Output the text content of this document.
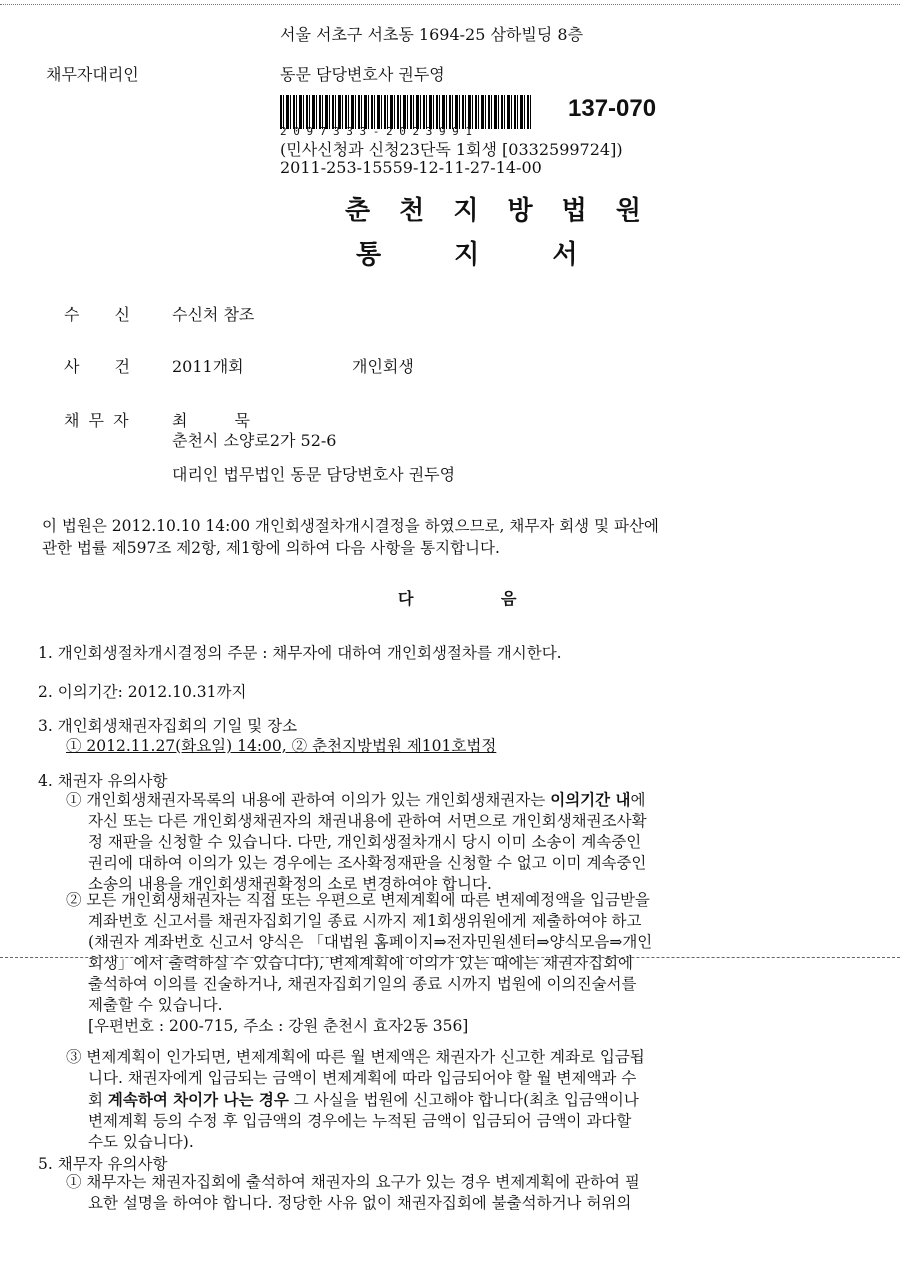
서울 서초구 서초동 1694-25 삼하빌딩 8층
채무자대리인	동문 담당변호사 권두영
137-070
2 0 9 7 3 3 3 - 2 0 2 3 9 9 1
(민사신청과 신청23단독 1회생 [0332599724])
2011-253-15559-12-11-27-14-00
춘 천 지 방 법 원
통 지 서
수 신	수신처 참조
사 건	2011개회	개인회생
채 무 자	최 묵
춘천시 소양로2가 52-6
대리인 법무법인 동문 담당변호사 권두영

이 법원은 2012.10.10 14:00 개인회생절차개시결정을 하였으므로, 채무자 회생 및 파산에

관한 법률 제597조 제2항, 제1항에 의하여 다음 사항을 통지합니다.

다 음
1. 개인회생절차개시결정의 주문 : 채무자에 대하여 개인회생절차를 개시한다.
2. 이의기간: 2012.10.31까지
3. 개인회생채권자집회의 기일 및 장소
① 2012.11.27(화요일) 14:00, ② 춘천지방법원 제101호법정
4. 채권자 유의사항

① 개인회생채권자목록의 내용에 관하여 이의가 있는 개인회생채권자는 이의기간 내에

자신 또는 다른 개인회생채권자의 채권내용에 관하여 서면으로 개인회생채권조사확

정 재판을 신청할 수 있습니다. 다만, 개인회생절차개시 당시 이미 소송이 계속중인

권리에 대하여 이의가 있는 경우에는 조사확정재판을 신청할 수 없고 이미 계속중인

소송의 내용을 개인회생채권확정의 소로 변경하여야 합니다.

② 모든 개인회생채권자는 직접 또는 우편으로 변제계획에 따른 변제예정액을 입금받을

계좌번호 신고서를 채권자집회기일 종료 시까지 제1회생위원에게 제출하여야 하고

(채권자 계좌번호 신고서 양식은 「대법원 홈페이지⇒전자민원센터⇒양식모음⇒개인

회생」에서 출력하실 수 있습니다), 변제계획에 이의가 있는 때에는 채권자집회에

출석하여 이의를 진술하거나, 채권자집회기일의 종료 시까지 법원에 이의진술서를

제출할 수 있습니다.

[우편번호 : 200-715, 주소 : 강원 춘천시 효자2동 356]

③ 변제계획이 인가되면, 변제계획에 따른 월 변제액은 채권자가 신고한 계좌로 입금됩

니다. 채권자에게 입금되는 금액이 변제계획에 따라 입금되어야 할 월 변제액과 수

회 계속하여 차이가 나는 경우 그 사실을 법원에 신고해야 합니다(최초 입금액이나

변제계획 등의 수정 후 입금액의 경우에는 누적된 금액이 입금되어 금액이 과다할

수도 있습니다).

5. 채무자 유의사항

① 채무자는 채권자집회에 출석하여 채권자의 요구가 있는 경우 변제계획에 관하여 필

요한 설명을 하여야 합니다. 정당한 사유 없이 채권자집회에 불출석하거나 허위의
